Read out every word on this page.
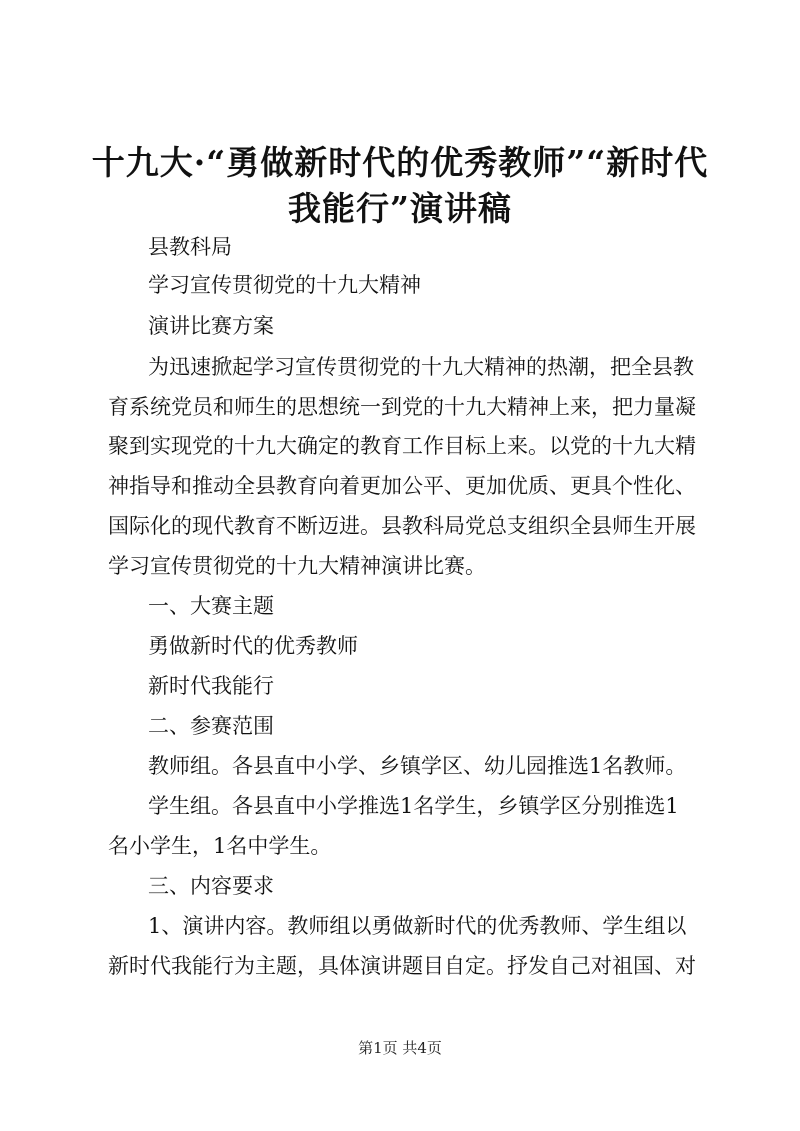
十九大·“勇做新时代的优秀教师”“新时代
我能行”演讲稿

县教科局

学习宣传贯彻党的十九大精神

演讲比赛方案

为迅速掀起学习宣传贯彻党的十九大精神的热潮，把全县教

育系统党员和师生的思想统一到党的十九大精神上来，把力量凝

聚到实现党的十九大确定的教育工作目标上来。以党的十九大精

神指导和推动全县教育向着更加公平、更加优质、更具个性化、

国际化的现代教育不断迈进。县教科局党总支组织全县师生开展

学习宣传贯彻党的十九大精神演讲比赛。

一、大赛主题

勇做新时代的优秀教师

新时代我能行

二、参赛范围

教师组。各县直中小学、乡镇学区、幼儿园推选1名教师。

学生组。各县直中小学推选1名学生，乡镇学区分别推选1

名小学生，1名中学生。

三、内容要求

1、演讲内容。教师组以勇做新时代的优秀教师、学生组以

新时代我能行为主题，具体演讲题目自定。抒发自己对祖国、对

第1页 共4页
